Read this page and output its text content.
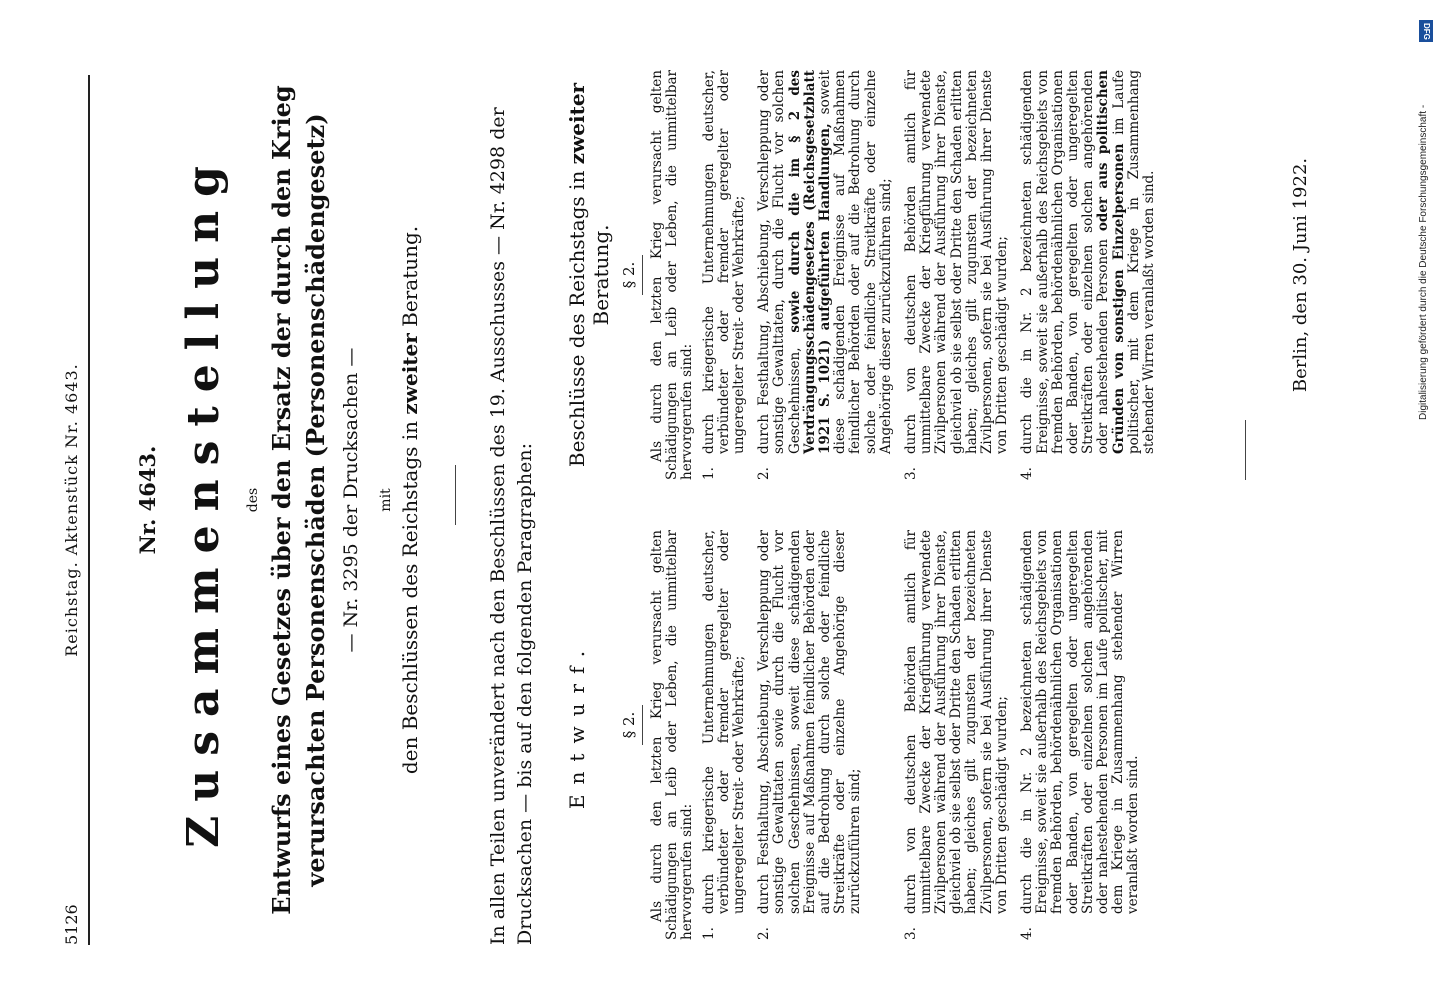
5126
Reichstag. Aktenstück Nr. 4643.	Nr. 4643. Zusammenstellung des Entwurfs eines Gesetzes über den Ersatz der durch den Krieg verursachten Personenschäden (Personenschädengesetz) — Nr. 3295 der Drucksachen — mit den Beschlüssen des Reichstags in zweiter Beratung.	In allen Teilen unverändert nach den Beschlüssen des 19. Ausschusses — Nr. 4298 der Drucksachen — bis auf den folgenden Paragraphen: Entwurf.
Beschlüsse des Reichstags in zweiter Beratung.
§ 2.
§ 2.

Als durch den letzten Krieg verursacht gelten Schädigungen an Leib oder Leben, die unmittelbar hervorgerufen sind: 1.
durch kriegerische Unternehmungen deutscher, verbündeter oder fremder geregelter oder ungeregelter Streit- oder Wehrkräfte;
2.
durch Festhaltung, Abschiebung, Verschleppung oder sonstige Gewalttaten sowie durch die Flucht vor solchen Geschehnissen, soweit diese schädigenden Ereignisse auf Maßnahmen feindlicher Behörden oder auf die Bedrohung durch solche oder feindliche Streitkräfte oder einzelne Angehörige dieser zurückzuführen sind;
3.
durch von deutschen Behörden amtlich für unmittelbare Zwecke der Kriegführung verwendete Zivilpersonen während der Ausführung ihrer Dienste, gleichviel ob sie selbst oder Dritte den Schaden erlitten haben; gleiches gilt zugunsten der bezeichneten Zivilpersonen, sofern sie bei Ausführung ihrer Dienste von Dritten geschädigt wurden;
4.
durch die in Nr. 2 bezeichneten schädigenden Ereignisse, soweit sie außerhalb des Reichsgebiets von fremden Behörden, behördenähnlichen Organisationen oder Banden, von geregelten oder ungeregelten Streitkräften oder einzelnen solchen angehörenden oder nahestehenden Personen im Laufe politischer, mit dem Kriege in Zusammenhang stehender Wirren veranlaßt worden sind.

Als durch den letzten Krieg verursacht gelten Schädigungen an Leib oder Leben, die unmittelbar hervorgerufen sind: 1.
durch kriegerische Unternehmungen deutscher, verbündeter oder fremder geregelter oder ungeregelter Streit- oder Wehrkräfte;
2.
durch Festhaltung, Abschiebung, Verschleppung oder sonstige Gewalttaten, durch die Flucht vor solchen Geschehnissen, sowie durch die im § 2 des Verdrängungsschädengesetzes (Reichsgesetzblatt 1921 S. 1021) aufgeführten Handlungen, soweit diese schädigenden Ereignisse auf Maßnahmen feindlicher Behörden oder auf die Bedrohung durch solche oder feindliche Streitkräfte oder einzelne Angehörige dieser zurückzuführen sind;
3.
durch von deutschen Behörden amtlich für unmittelbare Zwecke der Kriegführung verwendete Zivilpersonen während der Ausführung ihrer Dienste, gleichviel ob sie selbst oder Dritte den Schaden erlitten haben; gleiches gilt zugunsten der bezeichneten Zivilpersonen, sofern sie bei Ausführung ihrer Dienste von Dritten geschädigt wurden;
4.
durch die in Nr. 2 bezeichneten schädigenden Ereignisse, soweit sie außerhalb des Reichsgebiets von fremden Behörden, behördenähnlichen Organisationen oder Banden, von geregelten oder ungeregelten Streitkräften oder einzelnen solchen angehörenden oder nahestehenden Personen oder aus politischen Gründen von sonstigen Einzelpersonen im Laufe politischer, mit dem Kriege in Zusammenhang stehender Wirren veranlaßt worden sind.	Berlin, den 30. Juni 1922.	Digitalisierung gefördert durch die Deutsche Forschungsgemeinschaft -
DFG
